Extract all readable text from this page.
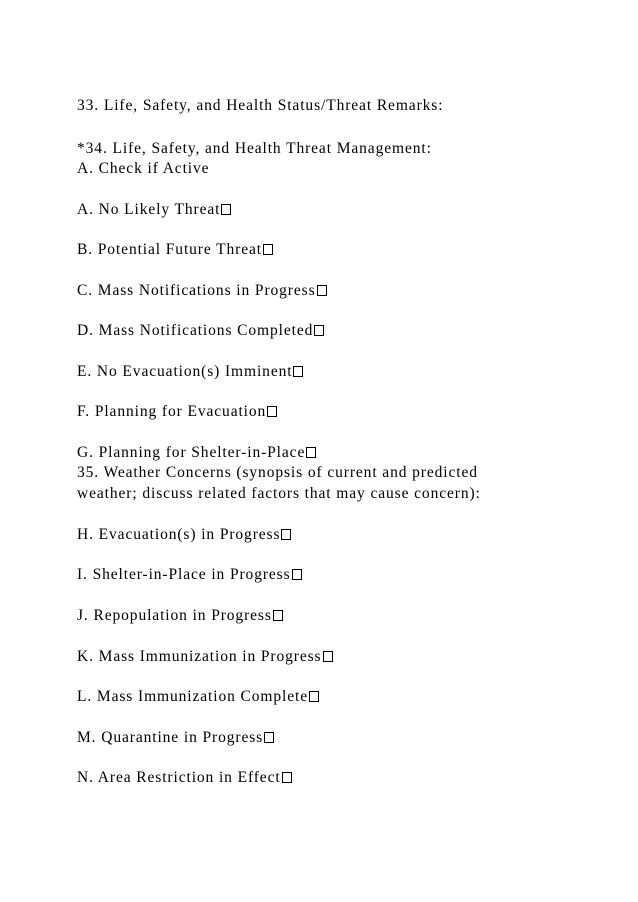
33. Life, Safety, and Health Status/Threat Remarks:
*34. Life, Safety, and Health Threat Management:
A. Check if Active
A. No Likely Threat
B. Potential Future Threat
C. Mass Notifications in Progress
D. Mass Notifications Completed
E. No Evacuation(s) Imminent
F. Planning for Evacuation
G. Planning for Shelter-in-Place
35. Weather Concerns (synopsis of current and predicted
weather; discuss related factors that may cause concern):
H. Evacuation(s) in Progress
I. Shelter-in-Place in Progress
J. Repopulation in Progress
K. Mass Immunization in Progress
L. Mass Immunization Complete
M. Quarantine in Progress
N. Area Restriction in Effect
